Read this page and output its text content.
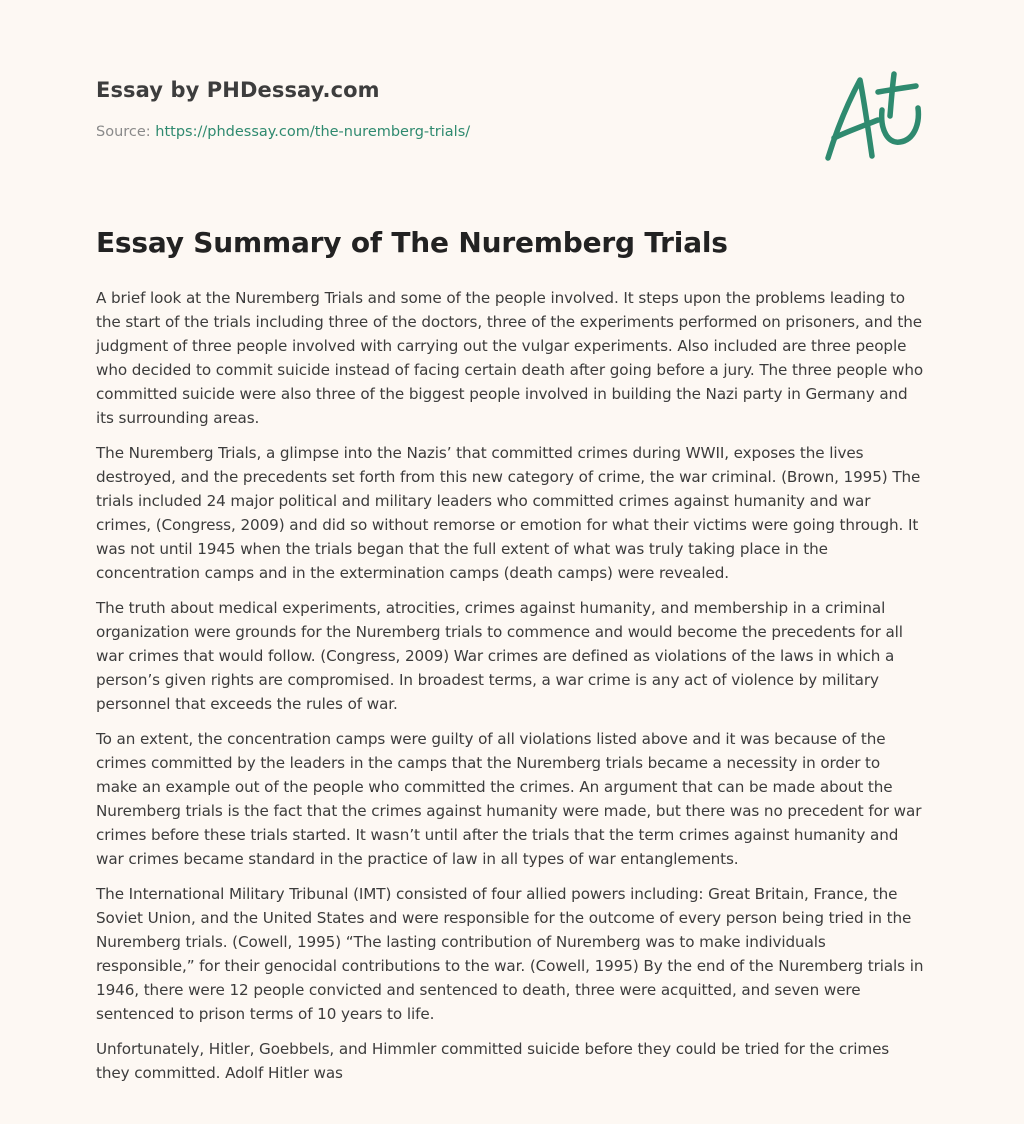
Essay by PHDessay.com
Source: https://phdessay.com/the-nuremberg-trials/
Essay Summary of The Nuremberg Trials

A brief look at the Nuremberg Trials and some of the people involved. It steps upon the problems leading to the start of the trials including three of the doctors, three of the experiments performed on prisoners, and the judgment of three people involved with carrying out the vulgar experiments. Also included are three people who decided to commit suicide instead of facing certain death after going before a jury. The three people who committed suicide were also three of the biggest people involved in building the Nazi party in Germany and its surrounding areas.

The Nuremberg Trials, a glimpse into the Nazis’ that committed crimes during WWII, exposes the lives destroyed, and the precedents set forth from this new category of crime, the war criminal. (Brown, 1995) The trials included 24 major political and military leaders who committed crimes against humanity and war crimes, (Congress, 2009) and did so without remorse or emotion for what their victims were going through. It was not until 1945 when the trials began that the full extent of what was truly taking place in the concentration camps and in the extermination camps (death camps) were revealed.

The truth about medical experiments, atrocities, crimes against humanity, and membership in a criminal organization were grounds for the Nuremberg trials to commence and would become the precedents for all war crimes that would follow. (Congress, 2009) War crimes are defined as violations of the laws in which a person’s given rights are compromised. In broadest terms, a war crime is any act of violence by military personnel that exceeds the rules of war.

To an extent, the concentration camps were guilty of all violations listed above and it was because of the crimes committed by the leaders in the camps that the Nuremberg trials became a necessity in order to make an example out of the people who committed the crimes. An argument that can be made about the Nuremberg trials is the fact that the crimes against humanity were made, but there was no precedent for war crimes before these trials started. It wasn’t until after the trials that the term crimes against humanity and war crimes became standard in the practice of law in all types of war entanglements.

The International Military Tribunal (IMT) consisted of four allied powers including: Great Britain, France, the Soviet Union, and the United States and were responsible for the outcome of every person being tried in the Nuremberg trials. (Cowell, 1995) “The lasting contribution of Nuremberg was to make individuals responsible,” for their genocidal contributions to the war. (Cowell, 1995) By the end of the Nuremberg trials in 1946, there were 12 people convicted and sentenced to death, three were acquitted, and seven were sentenced to prison terms of 10 years to life.

Unfortunately, Hitler, Goebbels, and Himmler committed suicide before they could be tried for the crimes they committed. Adolf Hitler was
